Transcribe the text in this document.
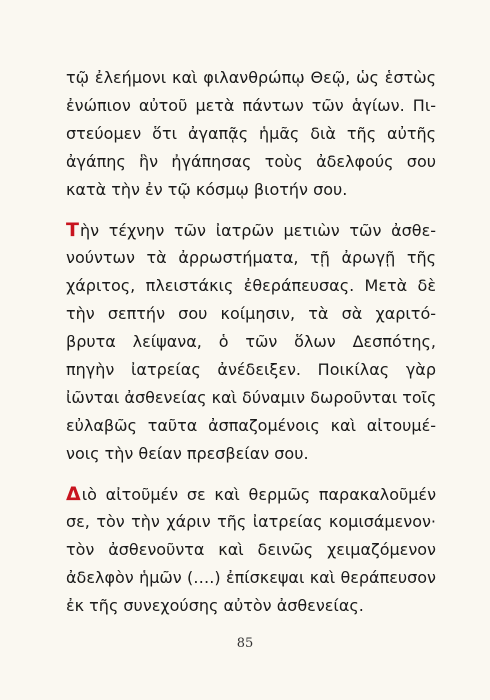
τῷ ἐλεήμονι καὶ φιλανθρώπῳ Θεῷ, ὡς ἑστὼς
ἐνώπιον αὐτοῦ μετὰ πάντων τῶν ἁγίων. Πι-
στεύομεν ὅτι ἀγαπᾷς ἡμᾶς διὰ τῆς αὐτῆς
ἀγάπης ἣν ἠγάπησας τοὺς ἀδελφούς σου
κατὰ τὴν ἐν τῷ κόσμῳ βιοτήν σου.
Τὴν τέχνην τῶν ἰατρῶν μετιὼν τῶν ἀσθε-
νούντων τὰ ἀρρωστήματα, τῇ ἀρωγῇ τῆς
χάριτος, πλειστάκις ἐθεράπευσας. Μετὰ δὲ
τὴν σεπτήν σου κοίμησιν, τὰ σὰ χαριτό-
βρυτα λείψανα, ὁ τῶν ὅλων Δεσπότης,
πηγὴν ἰατρείας ἀνέδειξεν. Ποικίλας γὰρ
ἰῶνται ἀσθενείας καὶ δύναμιν δωροῦνται τοῖς
εὐλαβῶς ταῦτα ἀσπαζομένοις καὶ αἰτουμέ-
νοις τὴν θείαν πρεσβείαν σου.
Διὸ αἰτοῦμέν σε καὶ θερμῶς παρακαλοῦμέν
σε, τὸν τὴν χάριν τῆς ἰατρείας κομισάμενον·
τὸν ἀσθενοῦντα καὶ δεινῶς χειμαζόμενον
ἀδελφὸν ἡμῶν (….) ἐπίσκεψαι καὶ θεράπευσον
ἐκ τῆς συνεχούσης αὐτὸν ἀσθενείας.
85
